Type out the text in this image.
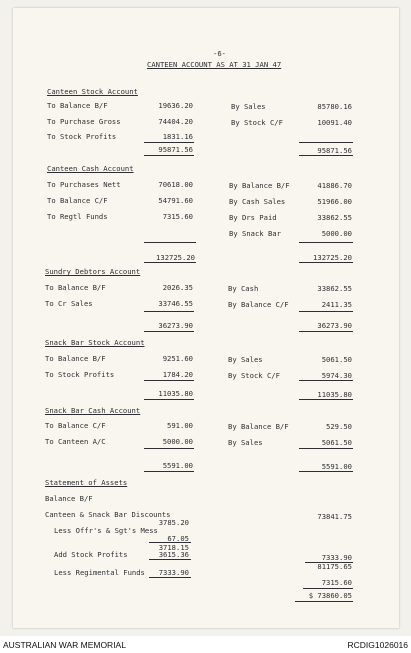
-6-
CANTEEN ACCOUNT AS AT 31 JAN 47
Canteen Stock Account
To Balance B/F	19636.20	By Sales	85780.16
To Purchase Gross	74404.20	By Stock C/F	10091.40
To Stock Profits	1831.16
95871.56	95871.56
Canteen Cash Account
To Purchases Nett	70618.00	By Balance B/F	41886.70
To Balance C/F	54791.60	By Cash Sales	51966.00
To Regtl Funds	7315.60	By Drs Paid	33862.55
By Snack Bar	5000.00
132725.20	132725.20
Sundry Debtors Account
To Balance B/F	2026.35	By Cash	33862.55
To Cr Sales	33746.55	By Balance C/F	2411.35
36273.90	36273.90
Snack Bar Stock Account
To Balance B/F	9251.60	By Sales	5061.50
To Stock Profits	1784.20	By Stock C/F	5974.30
11035.80	11035.80
Snack Bar Cash Account
To Balance C/F	591.00	By Balance B/F	529.50
To Canteen A/C	5000.00	By Sales	5061.50
5591.00	5591.00
Statement of Assets
Balance B/F
Canteen & Snack Bar Discounts	73841.75
3785.20
Less Offr's & Sgt's Mess
67.05
3718.15
Add Stock Profits	3615.36	7333.90
81175.65
Less Regimental Funds	7333.90
7315.60
$ 73860.05
AUSTRALIAN WAR MEMORIAL	RCDIG1026016
